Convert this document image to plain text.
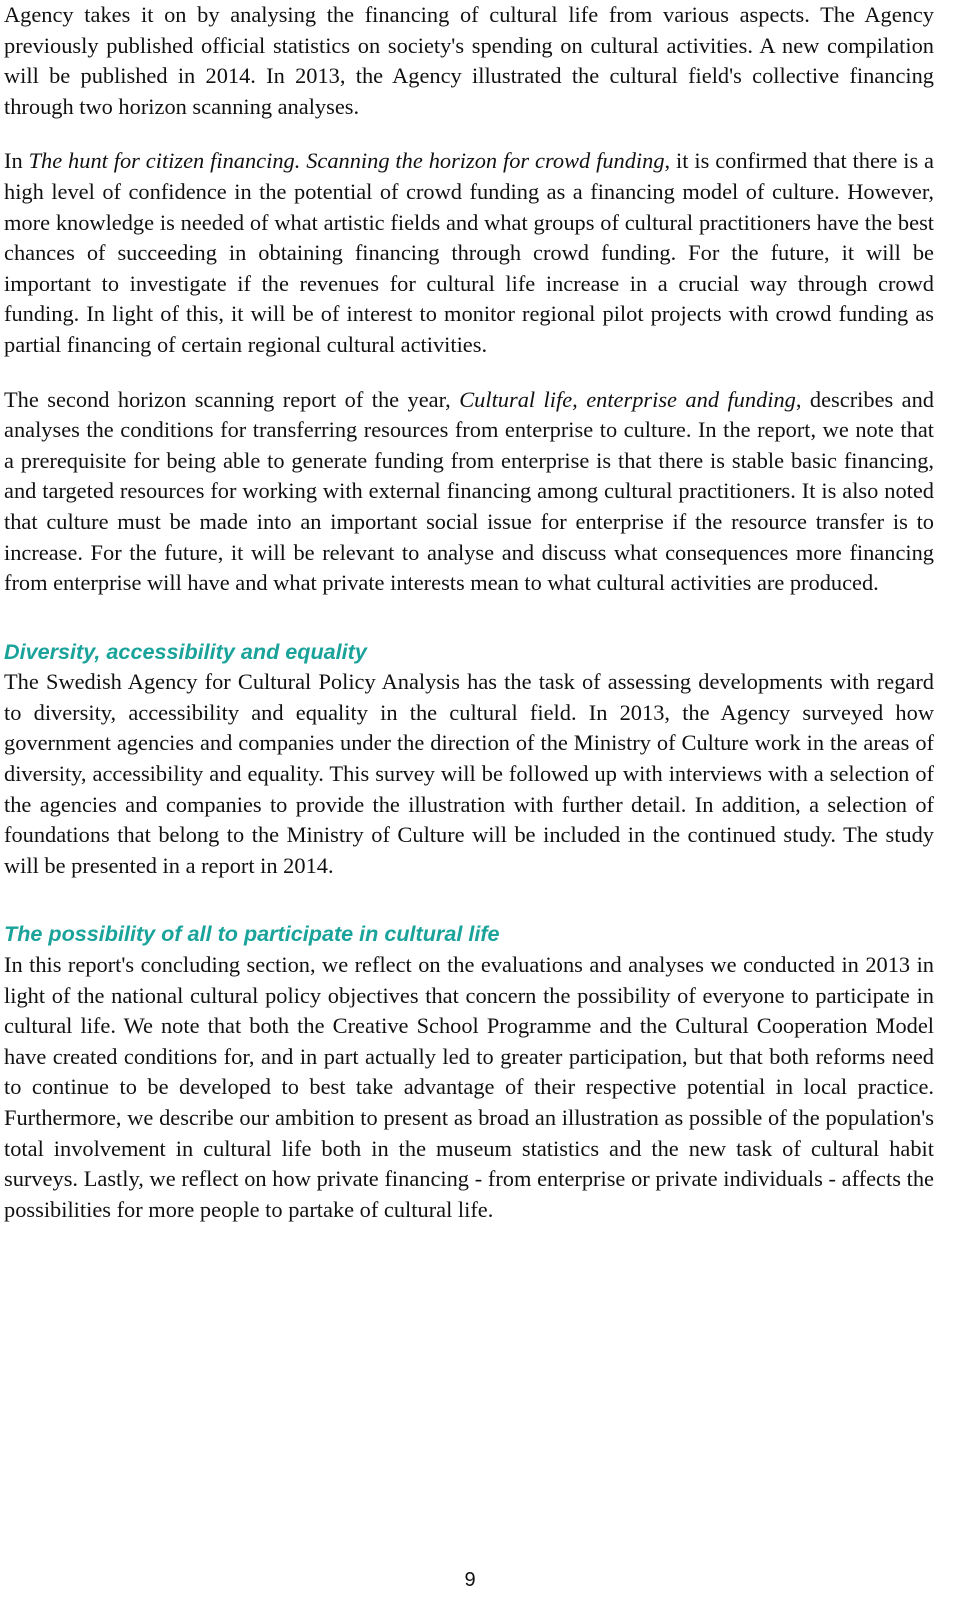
Agency takes it on by analysing the financing of cultural life from various aspects. The Agency previously published official statistics on society's spending on cultural activities. A new compilation will be published in 2014. In 2013, the Agency illustrated the cultural field's collective financing through two horizon scanning analyses.

In The hunt for citizen financing. Scanning the horizon for crowd funding, it is confirmed that there is a high level of confidence in the potential of crowd funding as a financing model of culture. However, more knowledge is needed of what artistic fields and what groups of cultural practitioners have the best chances of succeeding in obtaining financing through crowd funding. For the future, it will be important to investigate if the revenues for cultural life increase in a crucial way through crowd funding. In light of this, it will be of interest to monitor regional pilot projects with crowd funding as partial financing of certain regional cultural activities.

The second horizon scanning report of the year, Cultural life, enterprise and funding, describes and analyses the conditions for transferring resources from enterprise to culture. In the report, we note that a prerequisite for being able to generate funding from enterprise is that there is stable basic financing, and targeted resources for working with external financing among cultural practitioners. It is also noted that culture must be made into an important social issue for enterprise if the resource transfer is to increase. For the future, it will be relevant to analyse and discuss what consequences more financing from enterprise will have and what private interests mean to what cultural activities are produced.

Diversity, accessibility and equality

The Swedish Agency for Cultural Policy Analysis has the task of assessing developments with regard to diversity, accessibility and equality in the cultural field. In 2013, the Agency surveyed how government agencies and companies under the direction of the Ministry of Culture work in the areas of diversity, accessibility and equality. This survey will be followed up with interviews with a selection of the agencies and companies to provide the illustration with further detail. In addition, a selection of foundations that belong to the Ministry of Culture will be included in the continued study. The study will be presented in a report in 2014.

The possibility of all to participate in cultural life

In this report's concluding section, we reflect on the evaluations and analyses we conducted in 2013 in light of the national cultural policy objectives that concern the possibility of everyone to participate in cultural life. We note that both the Creative School Programme and the Cultural Cooperation Model have created conditions for, and in part actually led to greater participation, but that both reforms need to continue to be developed to best take advantage of their respective potential in local practice. Furthermore, we describe our ambition to present as broad an illustration as possible of the population's total involvement in cultural life both in the museum statistics and the new task of cultural habit surveys. Lastly, we reflect on how private financing - from enterprise or private individuals - affects the possibilities for more people to partake of cultural life.

9
